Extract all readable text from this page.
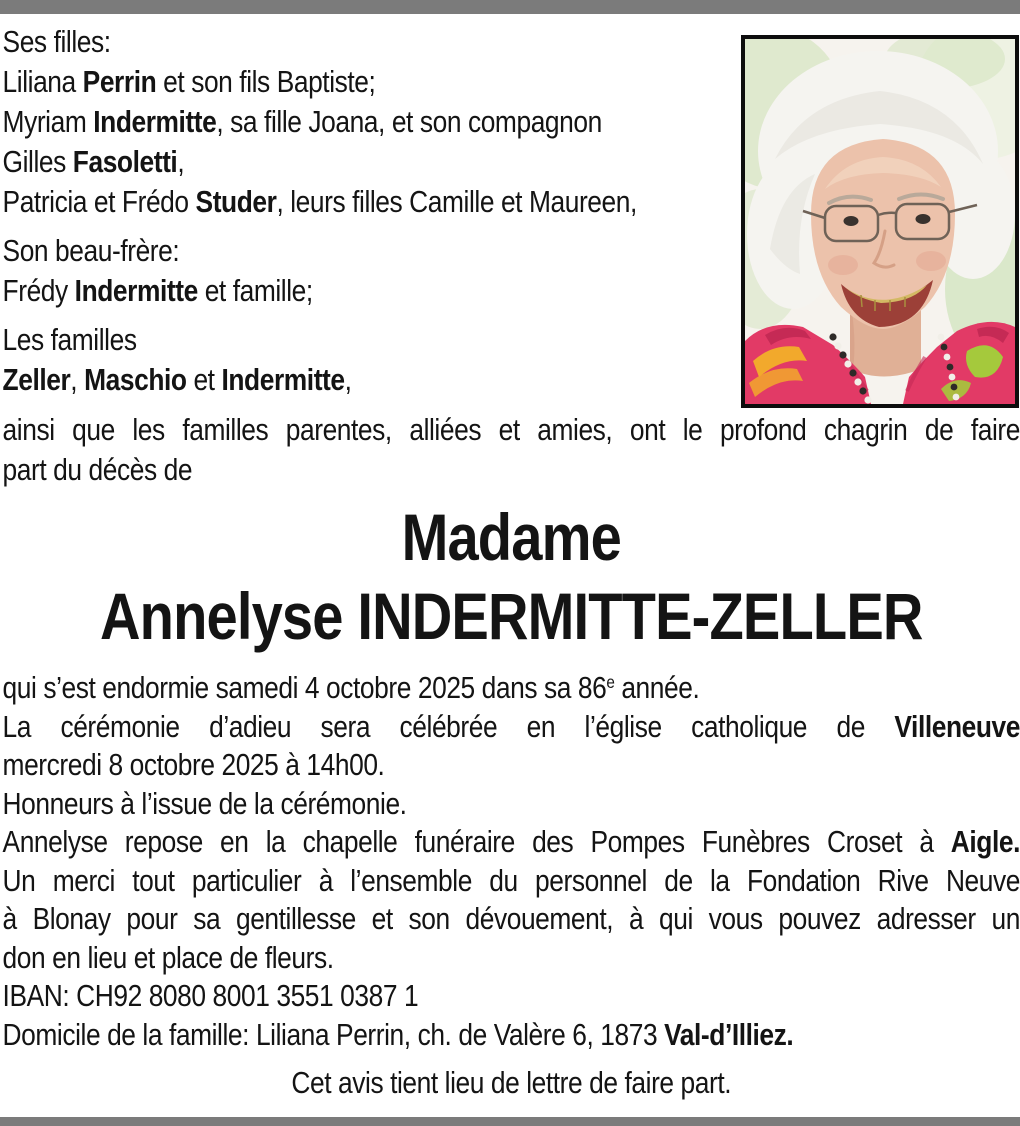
Ses filles:
Liliana Perrin et son fils Baptiste;
Myriam Indermitte, sa fille Joana, et son compagnon
Gilles Fasoletti,
Patricia et Frédo Studer, leurs filles Camille et Maureen,
Son beau-frère:
Frédy Indermitte et famille;
Les familles
Zeller, Maschio et Indermitte,
ainsi que les familles parentes, alliées et amies, ont le profond chagrin de faire
part du décès de
Madame
Annelyse INDERMITTE-ZELLER
qui s’est endormie samedi 4 octobre 2025 dans sa 86e année.
La cérémonie d’adieu sera célébrée en l’église catholique de Villeneuve
mercredi 8 octobre 2025 à 14h00.
Honneurs à l’issue de la cérémonie.
Annelyse repose en la chapelle funéraire des Pompes Funèbres Croset à Aigle.
Un merci tout particulier à l’ensemble du personnel de la Fondation Rive Neuve
à Blonay pour sa gentillesse et son dévouement, à qui vous pouvez adresser un
don en lieu et place de fleurs.
IBAN: CH92 8080 8001 3551 0387 1
Domicile de la famille: Liliana Perrin, ch. de Valère 6, 1873 Val-d’Illiez.
Cet avis tient lieu de lettre de faire part.
